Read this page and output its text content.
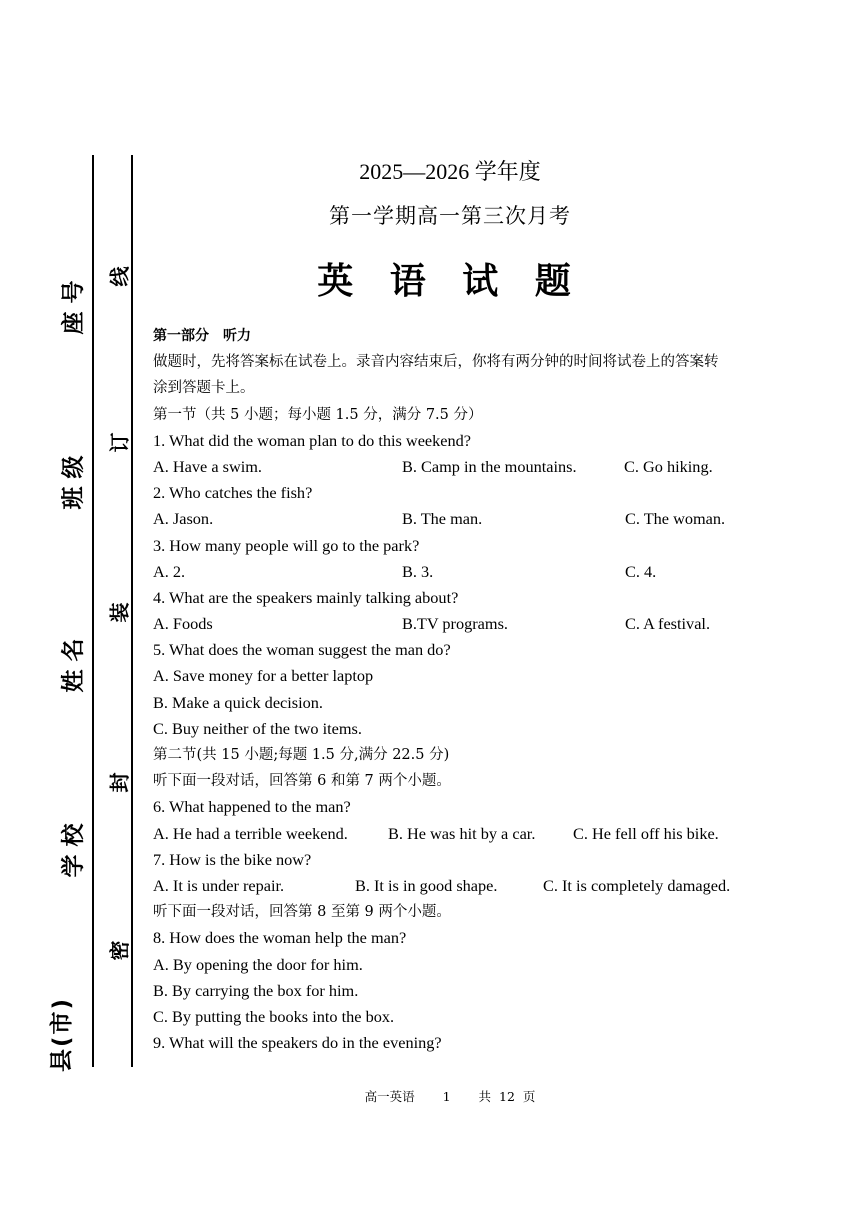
座号
班级
姓名
学校
县(市)
线
订
装
封
密
2025—2026 学年度
第一学期高一第三次月考
英 语 试 题
第一部分　听力
做题时，先将答案标在试卷上。录音内容结束后，你将有两分钟的时间将试卷上的答案转
涂到答题卡上。
第一节（共 5 小题；每小题 1.5 分，满分 7.5 分）
1. What did the woman plan to do this weekend?
A. Have a swim.	B. Camp in the mountains.	C. Go hiking.
2. Who catches the fish?
A. Jason.	B. The man.	C. The woman.
3. How many people will go to the park?
A. 2.	B. 3.	C. 4.
4. What are the speakers mainly talking about?
A. Foods	B.TV programs.	C. A festival.
5. What does the woman suggest the man do?
A. Save money for a better laptop
B. Make a quick decision.
C. Buy neither of the two items.
第二节(共 15 小题;每题 1.5 分,满分 22.5 分)
听下面一段对话，回答第 6 和第 7 两个小题。
6. What happened to the man?
A. He had a terrible weekend. B. He was hit by a car. C. He fell off his bike.
7. How is the bike now?
A. It is under repair.	B. It is in good shape.	C. It is completely damaged.
听下面一段对话，回答第 8 至第 9 两个小题。
8. How does the woman help the man?
A. By opening the door for him.
B. By carrying the box for him.
C. By putting the books into the box.
9. What will the speakers do in the evening?
高一英语 1 共 12 页
